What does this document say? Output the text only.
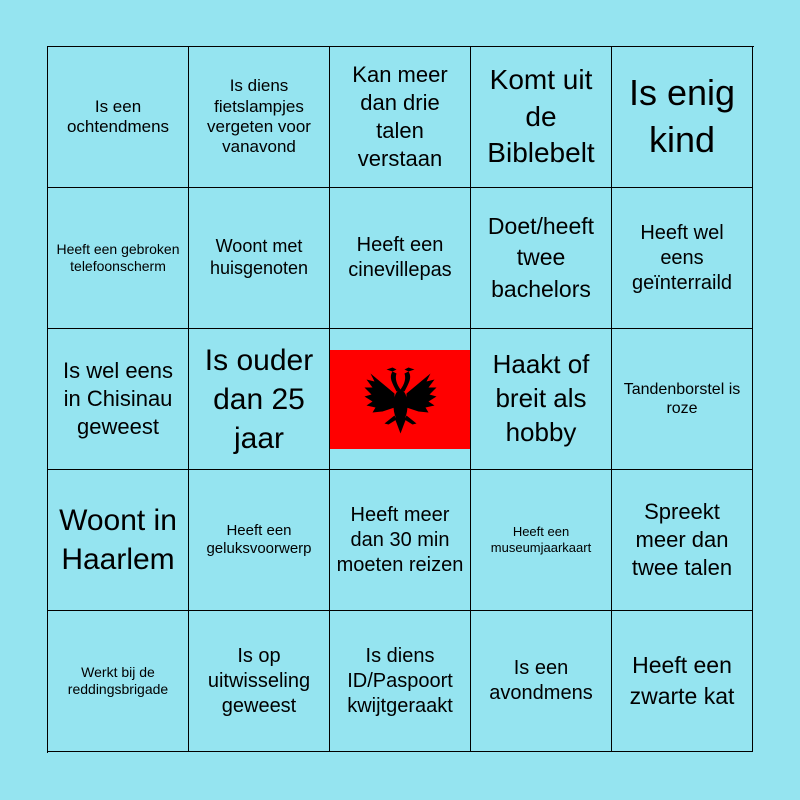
Is een ochtendmens
Is diens fietslampjes vergeten voor vanavond
Kan meer dan drie talen verstaan
Komt uit de Biblebelt
Is enig kind
Heeft een gebroken telefoonscherm
Woont met huisgenoten
Heeft een cinevillepas
Doet/heeft twee bachelors
Heeft wel eens geïnterraild
Is wel eens in Chisinau geweest
Is ouder dan 25 jaar
Haakt of breit als hobby
Tandenborstel is roze
Woont in Haarlem
Heeft een geluksvoorwerp
Heeft meer dan 30 min moeten reizen
Heeft een museumjaarkaart
Spreekt meer dan twee talen
Werkt bij de reddingsbrigade
Is op uitwisseling geweest
Is diens ID/Paspoort kwijtgeraakt
Is een avondmens
Heeft een zwarte kat
